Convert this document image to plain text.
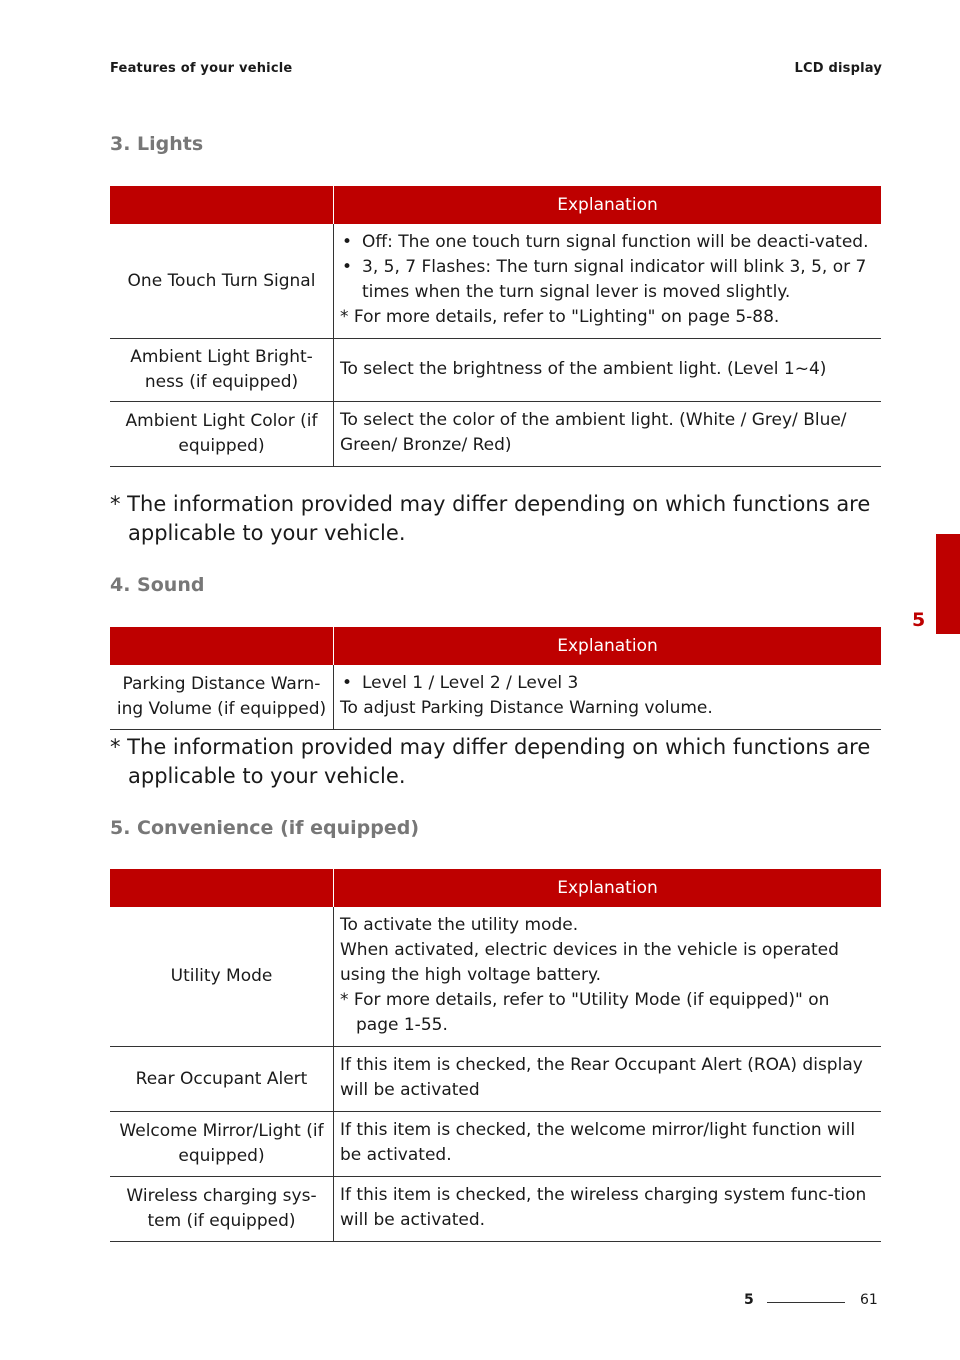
Features of your vehicle	LCD display
3. Lights
	Explanation
One Touch Turn Signal	• Off: The one touch turn signal function will be deacti-vated.
• 3, 5, 7 Flashes: The turn signal indicator will blink 3, 5, or 7 times when the turn signal lever is moved slightly.
* For more details, refer to "Lighting" on page 5-88.

Ambient Light Bright-ness (if equipped)	To select the brightness of the ambient light. (Level 1~4)
Ambient Light Color (if equipped)	To select the color of the ambient light. (White / Grey/ Blue/ Green/ Bronze/ Red)

* The information provided may differ depending on which functions are applicable to your vehicle.

4. Sound
	Explanation
Parking Distance Warn-ing Volume (if equipped)	• Level 1 / Level 2 / Level 3
To adjust Parking Distance Warning volume.

* The information provided may differ depending on which functions are applicable to your vehicle.

5. Convenience (if equipped)
	Explanation
Utility Mode	To activate the utility mode.
When activated, electric devices in the vehicle is operated using the high voltage battery.
* For more details, refer to "Utility Mode (if equipped)" on page 1-55.

Rear Occupant Alert	If this item is checked, the Rear Occupant Alert (ROA) display will be activated
Welcome Mirror/Light (if equipped)	If this item is checked, the welcome mirror/light function will be activated.
Wireless charging sys-tem (if equipped)	If this item is checked, the wireless charging system func-tion will be activated.
5
5	61
